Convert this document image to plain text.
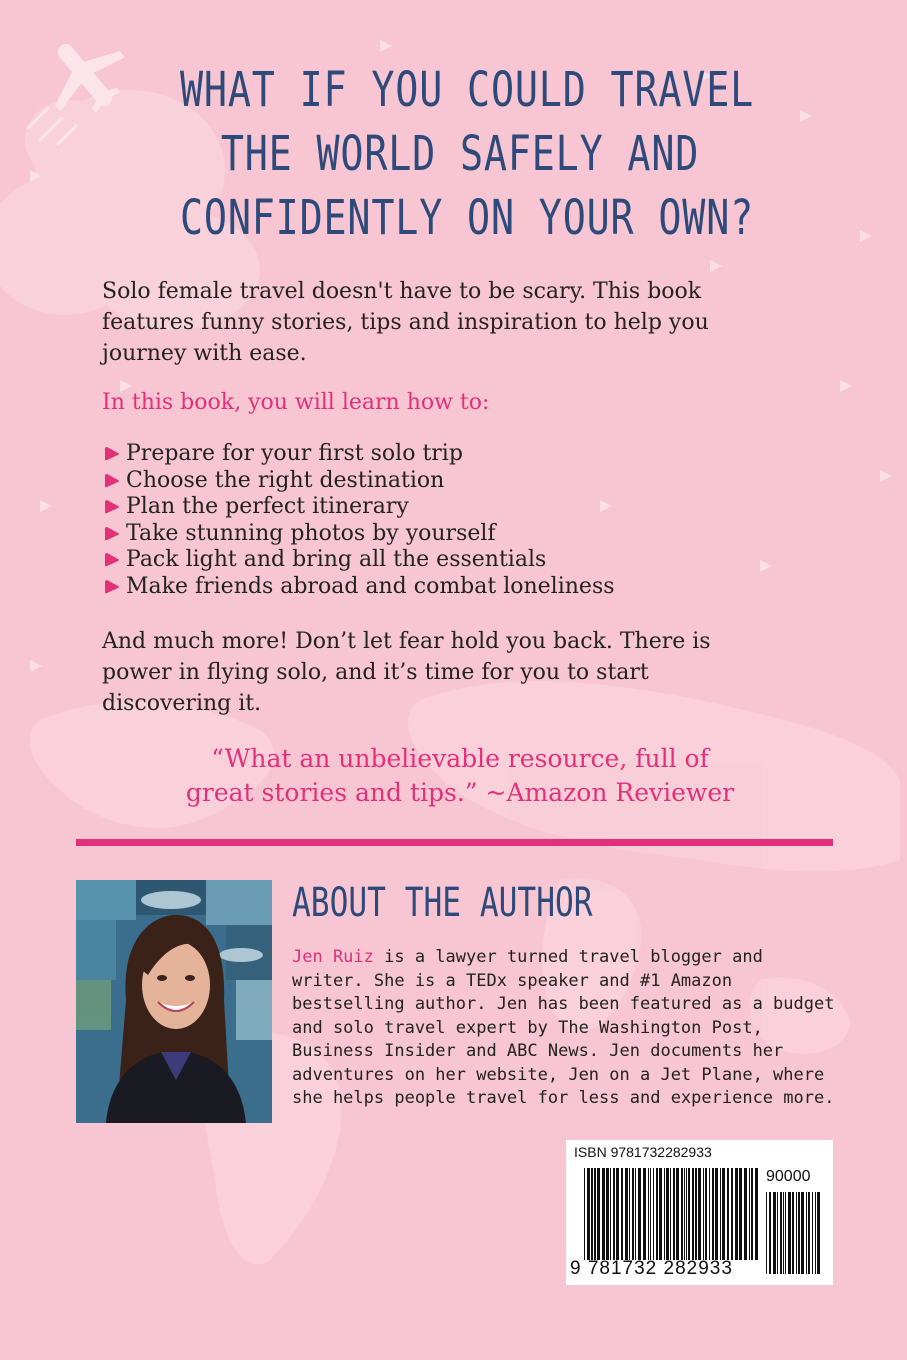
WHAT IF YOU COULD TRAVEL
THE WORLD SAFELY AND
CONFIDENTLY ON YOUR OWN?
Solo female travel doesn't have to be scary. This book features funny stories, tips and inspiration to help you journey with ease.
In this book, you will learn how to:
Prepare for your first solo trip
Choose the right destination
Plan the perfect itinerary
Take stunning photos by yourself
Pack light and bring all the essentials
Make friends abroad and combat loneliness
And much more! Don’t let fear hold you back. There is power in flying solo, and it’s time for you to start discovering it.
“What an unbelievable resource, full of
great stories and tips.” ~Amazon Reviewer
ABOUT THE AUTHOR
Jen Ruiz is a lawyer turned travel blogger and writer. She is a TEDx speaker and #1 Amazon bestselling author. Jen has been featured as a budget and solo travel expert by The Washington Post, Business Insider and ABC News. Jen documents her adventures on her website, Jen on a Jet Plane, where she helps people travel for less and experience more.
ISBN 9781732282933
90000
9 781732 282933
